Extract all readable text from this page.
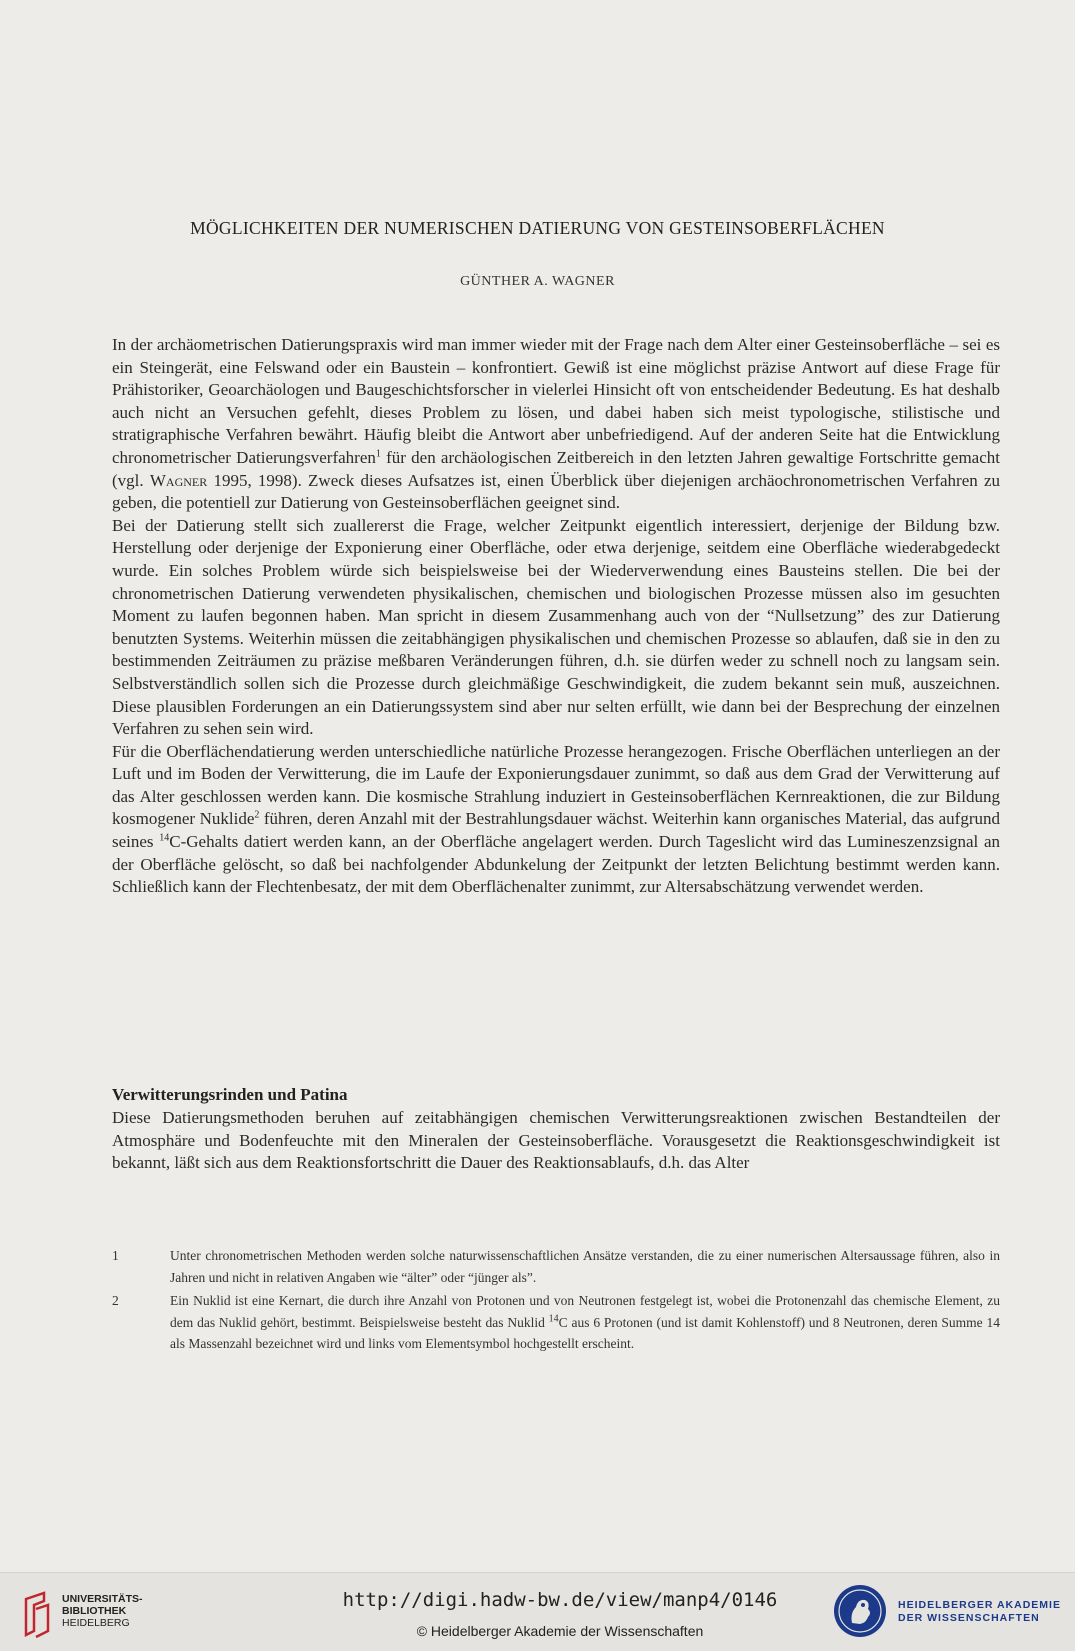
MÖGLICHKEITEN DER NUMERISCHEN DATIERUNG VON GESTEINSOBERFLÄCHEN
GÜNTHER A. WAGNER

In der archäometrischen Datierungspraxis wird man immer wieder mit der Frage nach dem Alter einer Gesteinsoberfläche – sei es ein Steingerät, eine Felswand oder ein Baustein – konfrontiert. Gewiß ist eine möglichst präzise Antwort auf diese Frage für Prähistoriker, Geoarchäologen und Baugeschichtsforscher in vielerlei Hinsicht oft von entscheidender Bedeutung. Es hat deshalb auch nicht an Versuchen gefehlt, dieses Problem zu lösen, und dabei haben sich meist typologische, stilistische und stratigraphische Verfahren bewährt. Häufig bleibt die Antwort aber unbefriedigend. Auf der anderen Seite hat die Entwicklung chronometrischer Datierungsverfahren$^1$ für den archäologischen Zeitbereich in den letzten Jahren gewaltige Fortschritte gemacht (vgl. Wagner 1995, 1998). Zweck dieses Aufsatzes ist, einen Überblick über diejenigen archäochronometrischen Verfahren zu geben, die potentiell zur Datierung von Gesteinsoberflächen geeignet sind.

Bei der Datierung stellt sich zuallererst die Frage, welcher Zeitpunkt eigentlich interessiert, derjenige der Bildung bzw. Herstellung oder derjenige der Exponierung einer Oberfläche, oder etwa derjenige, seitdem eine Oberfläche wiederabgedeckt wurde. Ein solches Problem würde sich beispielsweise bei der Wiederverwendung eines Bausteins stellen. Die bei der chronometrischen Datierung verwendeten physikalischen, chemischen und biologischen Prozesse müssen also im gesuchten Moment zu laufen begonnen haben. Man spricht in diesem Zusammenhang auch von der “Nullsetzung” des zur Datierung benutzten Systems. Weiterhin müssen die zeitabhängigen physikalischen und chemischen Prozesse so ablaufen, daß sie in den zu bestimmenden Zeiträumen zu präzise meßbaren Veränderungen führen, d.h. sie dürfen weder zu schnell noch zu langsam sein. Selbstverständlich sollen sich die Prozesse durch gleichmäßige Geschwindigkeit, die zudem bekannt sein muß, auszeichnen. Diese plausiblen Forderungen an ein Datierungssystem sind aber nur selten erfüllt, wie dann bei der Besprechung der einzelnen Verfahren zu sehen sein wird.

Für die Oberflächendatierung werden unterschiedliche natürliche Prozesse herangezogen. Frische Oberflächen unterliegen an der Luft und im Boden der Verwitterung, die im Laufe der Exponierungsdauer zunimmt, so daß aus dem Grad der Verwitterung auf das Alter geschlossen werden kann. Die kosmische Strahlung induziert in Gesteinsoberflächen Kernreaktionen, die zur Bildung kosmogener Nuklide$^2$ führen, deren Anzahl mit der Bestrahlungsdauer wächst. Weiterhin kann organisches Material, das aufgrund seines $^{14}$C-Gehalts datiert werden kann, an der Oberfläche angelagert werden. Durch Tageslicht wird das Lumineszenzsignal an der Oberfläche gelöscht, so daß bei nachfolgender Abdunkelung der Zeitpunkt der letzten Belichtung bestimmt werden kann. Schließlich kann der Flechtenbesatz, der mit dem Oberflächenalter zunimmt, zur Altersabschätzung verwendet werden.

Verwitterungsrinden und Patina

Diese Datierungsmethoden beruhen auf zeitabhängigen chemischen Verwitterungsreaktionen zwischen Bestandteilen der Atmosphäre und Bodenfeuchte mit den Mineralen der Gesteinsoberfläche. Vorausgesetzt die Reaktionsgeschwindigkeit ist bekannt, läßt sich aus dem Reaktionsfortschritt die Dauer des Reaktionsablaufs, d.h. das Alter

1	Unter chronometrischen Methoden werden solche naturwissenschaftlichen Ansätze verstanden, die zu einer numerischen Altersaussage führen, also in Jahren und nicht in relativen Angaben wie “älter” oder “jünger als”.
2	Ein Nuklid ist eine Kernart, die durch ihre Anzahl von Protonen und von Neutronen festgelegt ist, wobei die Protonenzahl das chemische Element, zu dem das Nuklid gehört, bestimmt. Beispielsweise besteht das Nuklid $^{14}$C aus 6 Protonen (und ist damit Kohlenstoff) und 8 Neutronen, deren Summe 14 als Massenzahl bezeichnet wird und links vom Elementsymbol hochgestellt erscheint.
UNIVERSITÄTS-
BIBLIOTHEK
HEIDELBERG
http://digi.hadw-bw.de/view/manp4/0146
© Heidelberger Akademie der Wissenschaften
HEIDELBERGER AKADEMIE
DER WISSENSCHAFTEN
